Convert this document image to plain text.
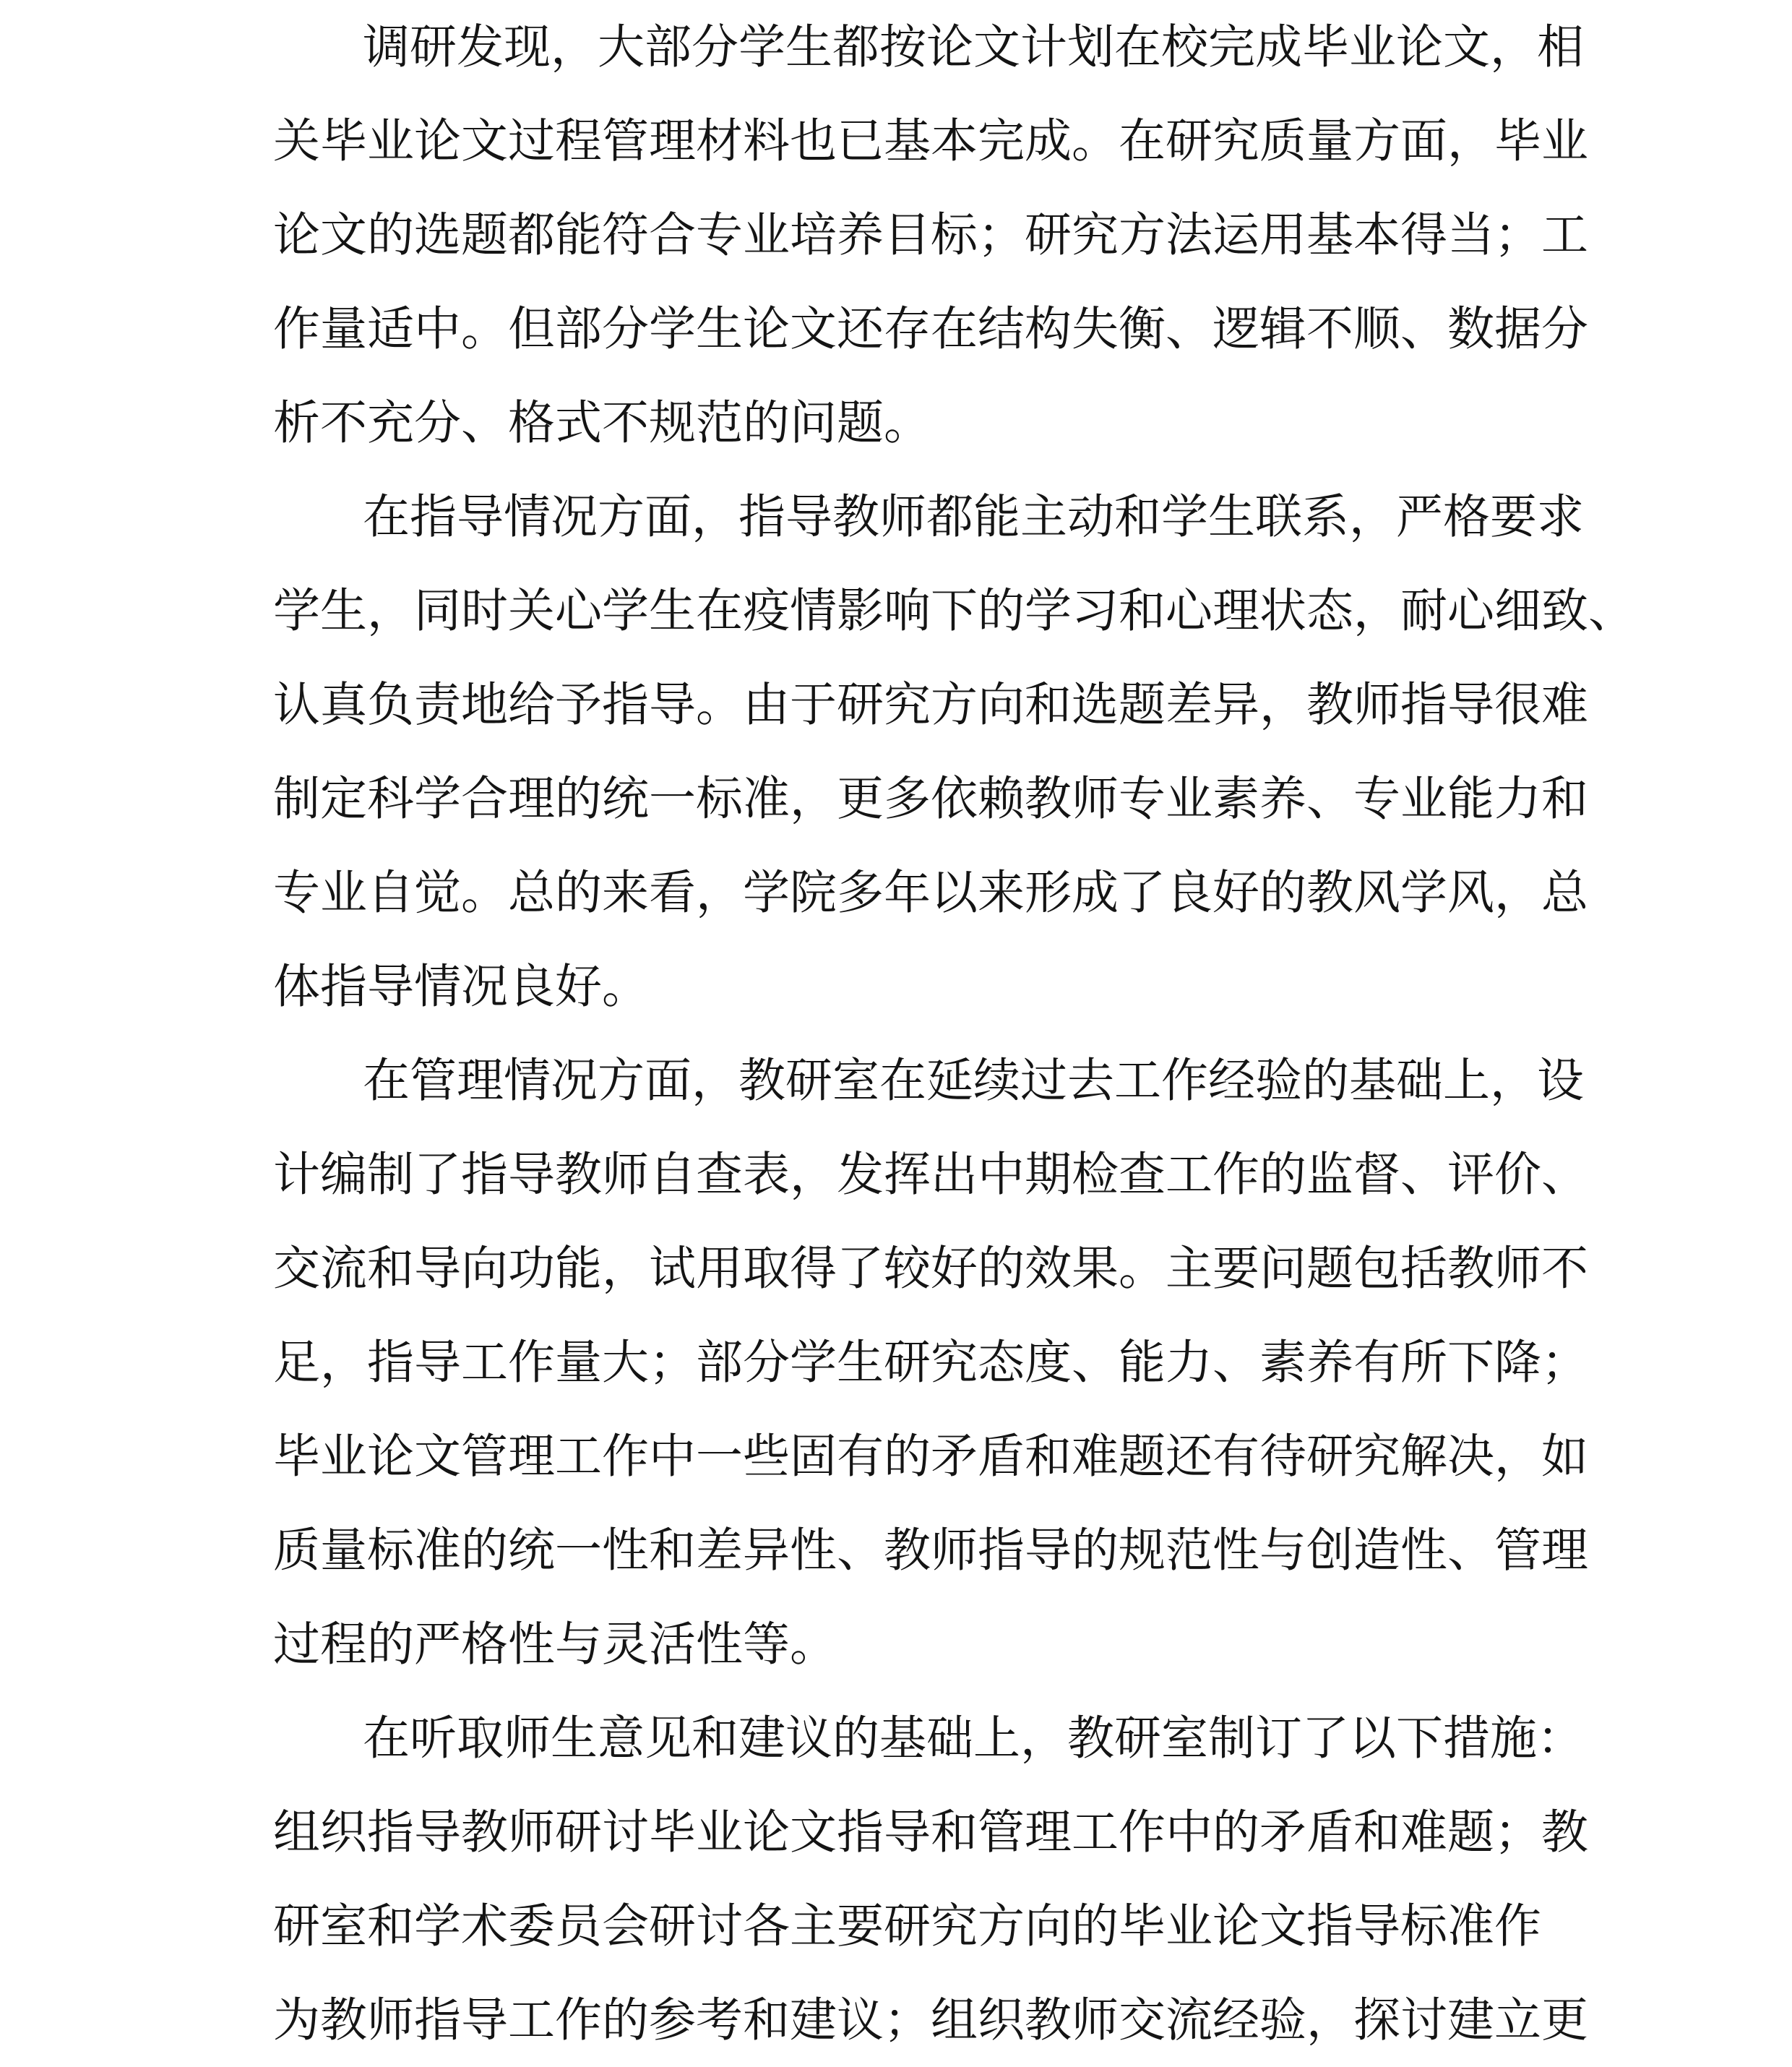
调研发现，大部分学生都按论文计划在校完成毕业论文，相
关毕业论文过程管理材料也已基本完成。在研究质量方面，毕业
论文的选题都能符合专业培养目标；研究方法运用基本得当；工
作量适中。但部分学生论文还存在结构失衡、逻辑不顺、数据分
析不充分、格式不规范的问题。
在指导情况方面，指导教师都能主动和学生联系，严格要求
学生，同时关心学生在疫情影响下的学习和心理状态，耐心细致、
认真负责地给予指导。由于研究方向和选题差异，教师指导很难
制定科学合理的统一标准，更多依赖教师专业素养、专业能力和
专业自觉。总的来看，学院多年以来形成了良好的教风学风，总
体指导情况良好。
在管理情况方面，教研室在延续过去工作经验的基础上，设
计编制了指导教师自查表，发挥出中期检查工作的监督、评价、
交流和导向功能，试用取得了较好的效果。主要问题包括教师不
足，指导工作量大；部分学生研究态度、能力、素养有所下降；
毕业论文管理工作中一些固有的矛盾和难题还有待研究解决，如
质量标准的统一性和差异性、教师指导的规范性与创造性、管理
过程的严格性与灵活性等。
在听取师生意见和建议的基础上，教研室制订了以下措施：
组织指导教师研讨毕业论文指导和管理工作中的矛盾和难题；教
研室和学术委员会研讨各主要研究方向的毕业论文指导标准作
为教师指导工作的参考和建议；组织教师交流经验，探讨建立更
